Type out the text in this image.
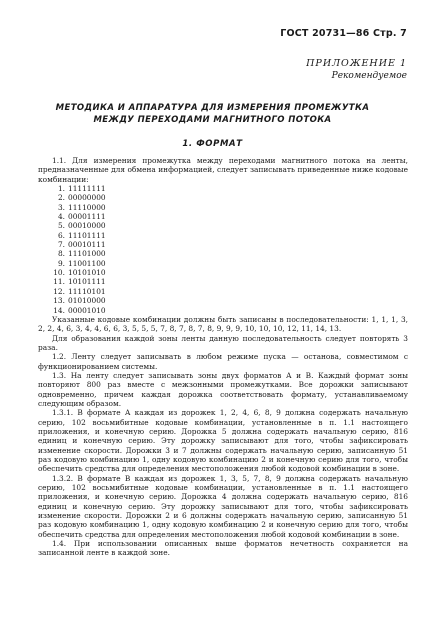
ГОСТ 20731—86 Стр. 7
ПРИЛОЖЕНИЕ 1
Рекомендуемое
МЕТОДИКА И АППАРАТУРА ДЛЯ ИЗМЕРЕНИЯ ПРОМЕЖУТКА
МЕЖДУ ПЕРЕХОДАМИ МАГНИТНОГО ПОТОКА
1. ФОРМАТ

1.1. Для измерения промежутка между переходами магнитного потока на ленты, предназначенные для обмена информацией, следует записывать приведенные ниже кодовые комбинации:

1. 11111111
2. 00000000
3. 11110000
4. 00001111
5. 00010000
6. 11101111
7. 00010111
8. 11101000
9. 11001100
10. 10101010
11. 10101111
12. 11110101
13. 01010000
14. 00001010

Указанные кодовые комбинации должны быть записаны в последовательности: 1, 1, 1, 3, 2, 2, 4, 6, 3, 4, 4, 6, 6, 3, 5, 5, 5, 7, 8, 7, 8, 7, 8, 9, 9, 9, 10, 10, 10, 12, 11, 14, 13.

Для образования каждой зоны ленты данную последовательность следует повторять 3 раза.

1.2. Ленту следует записывать в любом режиме пуска — останова, совместимом с функционированием системы.

1.3. На ленту следует записывать зоны двух форматов А и В. Каждый формат зоны повторяют 800 раз вместе с межзонными промежутками. Все дорожки записывают одновременно, причем каждая дорожка соответствовать формату, устанавливаемому следующим образом.

1.3.1. В формате А каждая из дорожек 1, 2, 4, 6, 8, 9 должна содержать начальную серию, 102 восьмибитные кодовые комбинации, установленные в п. 1.1 настоящего приложения, и конечную серию. Дорожка 5 должна содержать начальную серию, 816 единиц и конечную серию. Эту дорожку записывают для того, чтобы зафиксировать изменение скорости. Дорожки 3 и 7 должны содержать начальную серию, записанную 51 раз кодовую комбинацию 1, одну кодовую комбинацию 2 и конечную серию для того, чтобы обеспечить средства для определения местоположения любой кодовой комбинации в зоне.

1.3.2. В формате В каждая из дорожек 1, 3, 5, 7, 8, 9 должна содержать начальную серию, 102 восьмибитные кодовые комбинации, установленные в п. 1.1 настоящего приложения, и конечную серию. Дорожка 4 должна содержать начальную серию, 816 единиц и конечную серию. Эту дорожку записывают для того, чтобы зафиксировать изменение скорости. Дорожки 2 и 6 должны содержать начальную серию, записанную 51 раз кодовую комбинацию 1, одну кодовую комбинацию 2 и конечную серию для того, чтобы обеспечить средства для определения местоположения любой кодовой комбинации в зоне.

1.4. При использовании описанных выше форматов нечетность сохраняется на записанной ленте в каждой зоне.
